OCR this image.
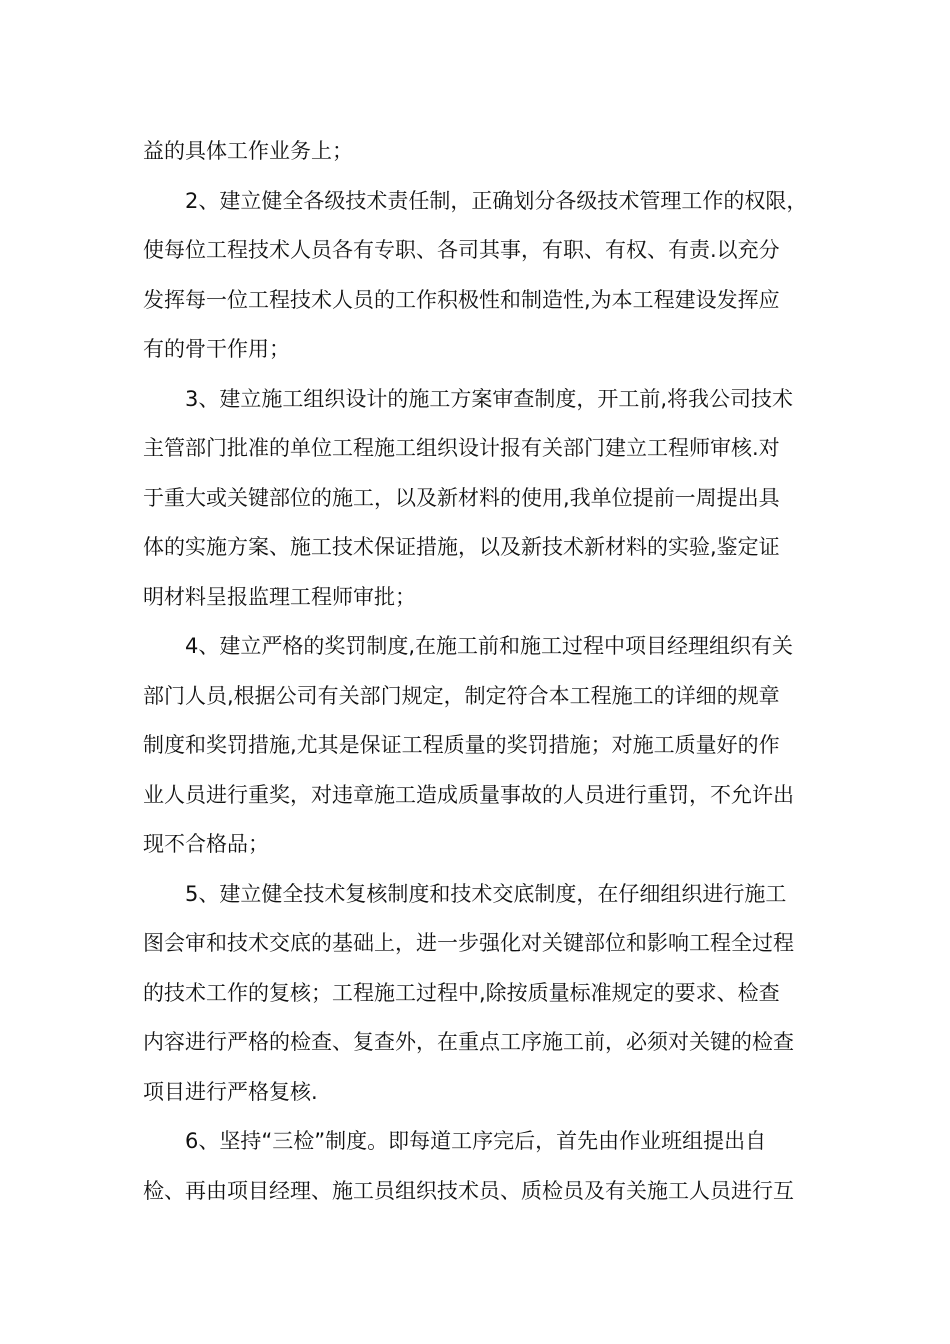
益的具体工作业务上；
2、建立健全各级技术责任制，正确划分各级技术管理工作的权限，
使每位工程技术人员各有专职、各司其事，有职、有权、有责.以充分
发挥每一位工程技术人员的工作积极性和制造性,为本工程建设发挥应
有的骨干作用；
3、建立施工组织设计的施工方案审查制度，开工前,将我公司技术
主管部门批准的单位工程施工组织设计报有关部门建立工程师审核.对
于重大或关键部位的施工，以及新材料的使用,我单位提前一周提出具
体的实施方案、施工技术保证措施，以及新技术新材料的实验,鉴定证
明材料呈报监理工程师审批；
4、建立严格的奖罚制度,在施工前和施工过程中项目经理组织有关
部门人员,根据公司有关部门规定，制定符合本工程施工的详细的规章
制度和奖罚措施,尤其是保证工程质量的奖罚措施；对施工质量好的作
业人员进行重奖，对违章施工造成质量事故的人员进行重罚，不允许出
现不合格品；
5、建立健全技术复核制度和技术交底制度，在仔细组织进行施工
图会审和技术交底的基础上，进一步强化对关键部位和影响工程全过程
的技术工作的复核；工程施工过程中,除按质量标准规定的要求、检查
内容进行严格的检查、复查外，在重点工序施工前，必须对关键的检查
项目进行严格复核.
6、坚持“三检”制度。即每道工序完后，首先由作业班组提出自
检、再由项目经理、施工员组织技术员、质检员及有关施工人员进行互
